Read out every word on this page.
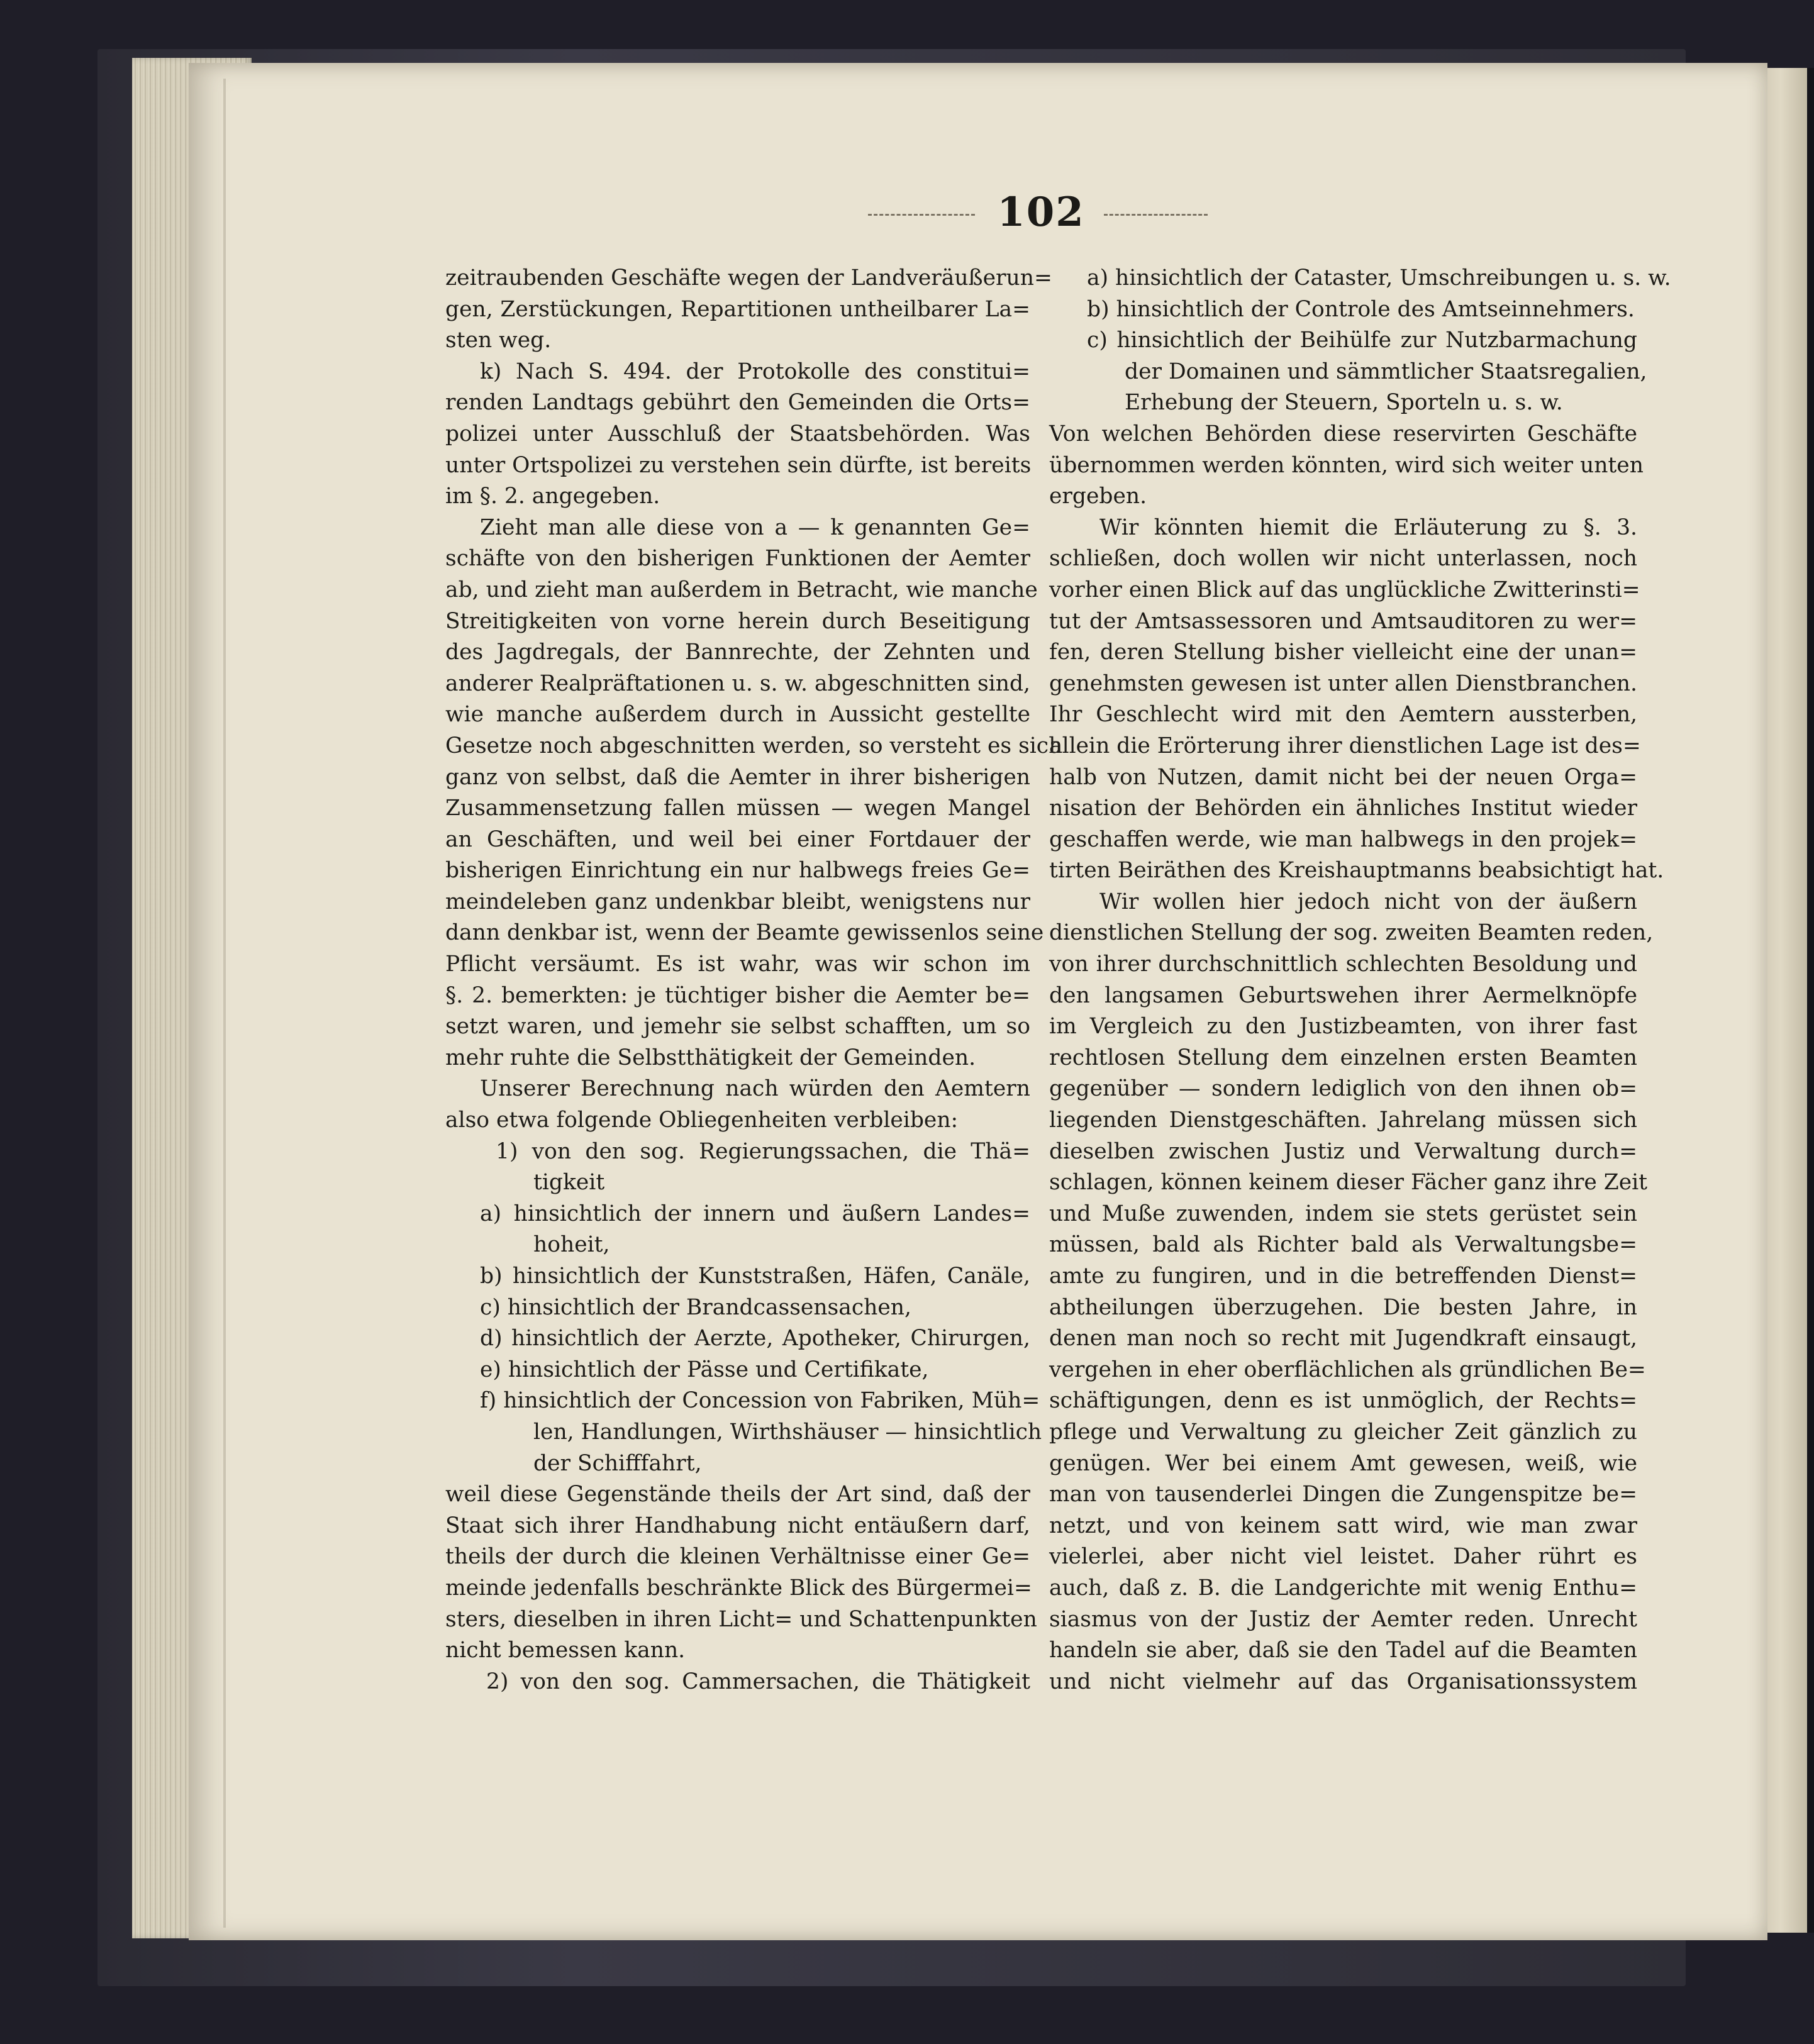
102
zeitraubenden Geschäfte wegen der Landveräußerun=
gen, Zerstückungen, Repartitionen untheilbarer La=
sten weg.
k) Nach S. 494. der Protokolle des constitui=
renden Landtags gebührt den Gemeinden die Orts=
polizei unter Ausschluß der Staatsbehörden. Was
unter Ortspolizei zu verstehen sein dürfte, ist bereits
im §. 2. angegeben.
Zieht man alle diese von a — k genannten Ge=
schäfte von den bisherigen Funktionen der Aemter
ab, und zieht man außerdem in Betracht, wie manche
Streitigkeiten von vorne herein durch Beseitigung
des Jagdregals, der Bannrechte, der Zehnten und
anderer Realpräftationen u. s. w. abgeschnitten sind,
wie manche außerdem durch in Aussicht gestellte
Gesetze noch abgeschnitten werden, so versteht es sich
ganz von selbst, daß die Aemter in ihrer bisherigen
Zusammensetzung fallen müssen — wegen Mangel
an Geschäften, und weil bei einer Fortdauer der
bisherigen Einrichtung ein nur halbwegs freies Ge=
meindeleben ganz undenkbar bleibt, wenigstens nur
dann denkbar ist, wenn der Beamte gewissenlos seine
Pflicht versäumt. Es ist wahr, was wir schon im
§. 2. bemerkten: je tüchtiger bisher die Aemter be=
setzt waren, und jemehr sie selbst schafften, um so
mehr ruhte die Selbstthätigkeit der Gemeinden.
Unserer Berechnung nach würden den Aemtern
also etwa folgende Obliegenheiten verbleiben:
1) von den sog. Regierungssachen, die Thä=
tigkeit
a) hinsichtlich der innern und äußern Landes=
hoheit,
b) hinsichtlich der Kunststraßen, Häfen, Canäle,
c) hinsichtlich der Brandcassensachen,
d) hinsichtlich der Aerzte, Apotheker, Chirurgen,
e) hinsichtlich der Pässe und Certifikate,
f) hinsichtlich der Concession von Fabriken, Müh=
len, Handlungen, Wirthshäuser — hinsichtlich
der Schifffahrt,
weil diese Gegenstände theils der Art sind, daß der
Staat sich ihrer Handhabung nicht entäußern darf,
theils der durch die kleinen Verhältnisse einer Ge=
meinde jedenfalls beschränkte Blick des Bürgermei=
sters, dieselben in ihren Licht= und Schattenpunkten
nicht bemessen kann.
2) von den sog. Cammersachen, die Thätigkeit
a) hinsichtlich der Cataster, Umschreibungen u. s. w.
b) hinsichtlich der Controle des Amtseinnehmers.
c) hinsichtlich der Beihülfe zur Nutzbarmachung
der Domainen und sämmtlicher Staatsregalien,
Erhebung der Steuern, Sporteln u. s. w.
Von welchen Behörden diese reservirten Geschäfte
übernommen werden könnten, wird sich weiter unten
ergeben.
Wir könnten hiemit die Erläuterung zu §. 3.
schließen, doch wollen wir nicht unterlassen, noch
vorher einen Blick auf das unglückliche Zwitterinsti=
tut der Amtsassessoren und Amtsauditoren zu wer=
fen, deren Stellung bisher vielleicht eine der unan=
genehmsten gewesen ist unter allen Dienstbranchen.
Ihr Geschlecht wird mit den Aemtern aussterben,
allein die Erörterung ihrer dienstlichen Lage ist des=
halb von Nutzen, damit nicht bei der neuen Orga=
nisation der Behörden ein ähnliches Institut wieder
geschaffen werde, wie man halbwegs in den projek=
tirten Beiräthen des Kreishauptmanns beabsichtigt hat.
Wir wollen hier jedoch nicht von der äußern
dienstlichen Stellung der sog. zweiten Beamten reden,
von ihrer durchschnittlich schlechten Besoldung und
den langsamen Geburtswehen ihrer Aermelknöpfe
im Vergleich zu den Justizbeamten, von ihrer fast
rechtlosen Stellung dem einzelnen ersten Beamten
gegenüber — sondern lediglich von den ihnen ob=
liegenden Dienstgeschäften. Jahrelang müssen sich
dieselben zwischen Justiz und Verwaltung durch=
schlagen, können keinem dieser Fächer ganz ihre Zeit
und Muße zuwenden, indem sie stets gerüstet sein
müssen, bald als Richter bald als Verwaltungsbe=
amte zu fungiren, und in die betreffenden Dienst=
abtheilungen überzugehen. Die besten Jahre, in
denen man noch so recht mit Jugendkraft einsaugt,
vergehen in eher oberflächlichen als gründlichen Be=
schäftigungen, denn es ist unmöglich, der Rechts=
pflege und Verwaltung zu gleicher Zeit gänzlich zu
genügen. Wer bei einem Amt gewesen, weiß, wie
man von tausenderlei Dingen die Zungenspitze be=
netzt, und von keinem satt wird, wie man zwar
vielerlei, aber nicht viel leistet. Daher rührt es
auch, daß z. B. die Landgerichte mit wenig Enthu=
siasmus von der Justiz der Aemter reden. Unrecht
handeln sie aber, daß sie den Tadel auf die Beamten
und nicht vielmehr auf das Organisationssystem
